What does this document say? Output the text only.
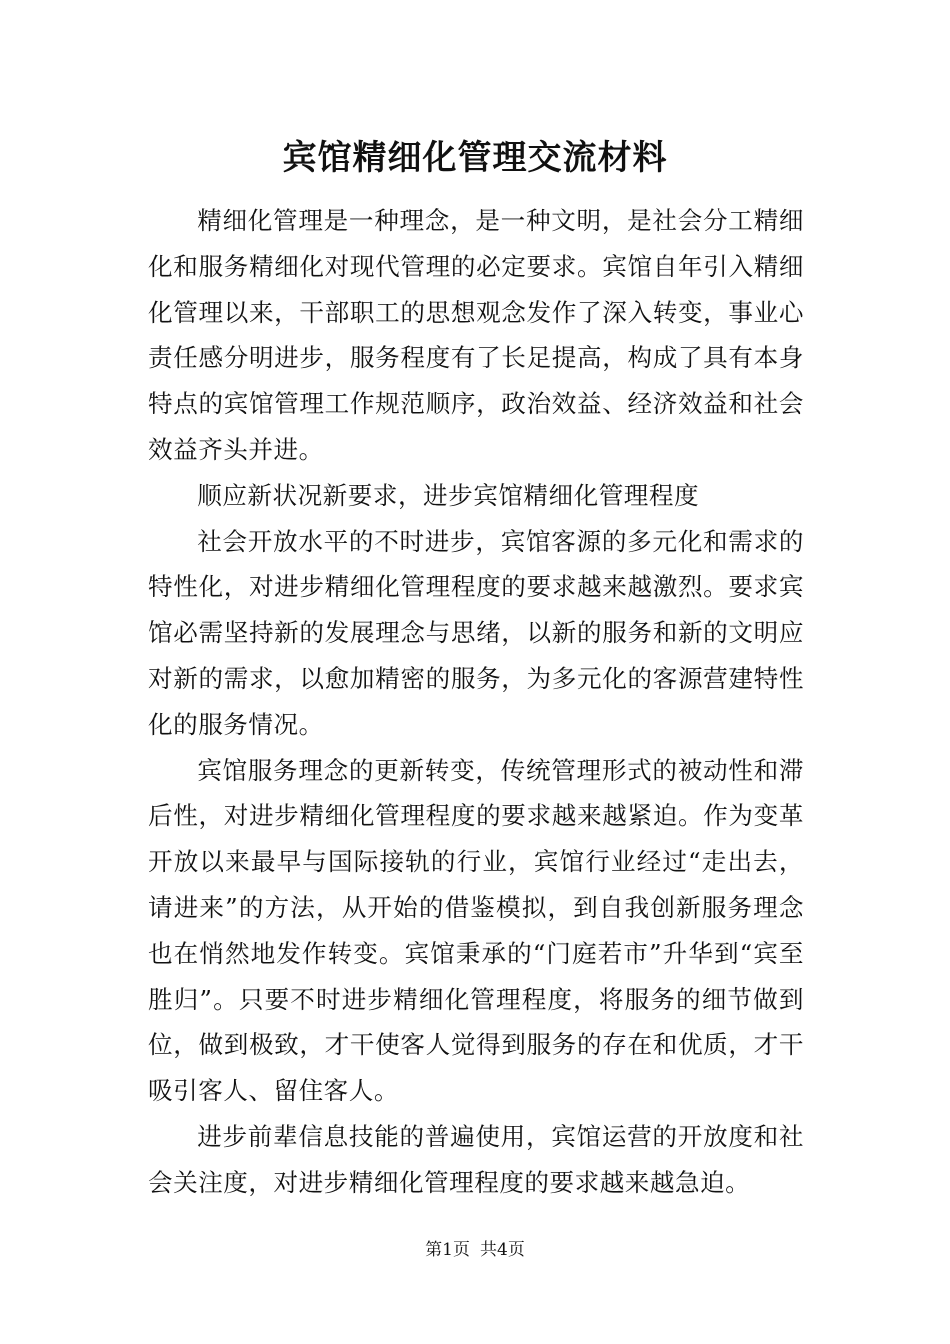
宾馆精细化管理交流材料

精细化管理是一种理念，是一种文明，是社会分工精细化和服务精细化对现代管理的必定要求。宾馆自年引入精细化管理以来，干部职工的思想观念发作了深入转变，事业心责任感分明进步，服务程度有了长足提高，构成了具有本身特点的宾馆管理工作规范顺序，政治效益、经济效益和社会效益齐头并进。

顺应新状况新要求，进步宾馆精细化管理程度

社会开放水平的不时进步，宾馆客源的多元化和需求的特性化，对进步精细化管理程度的要求越来越激烈。要求宾馆必需坚持新的发展理念与思绪，以新的服务和新的文明应对新的需求，以愈加精密的服务，为多元化的客源营建特性化的服务情况。

宾馆服务理念的更新转变，传统管理形式的被动性和滞后性，对进步精细化管理程度的要求越来越紧迫。作为变革开放以来最早与国际接轨的行业，宾馆行业经过“走出去，请进来”的方法，从开始的借鉴模拟，到自我创新服务理念也在悄然地发作转变。宾馆秉承的“门庭若市”升华到“宾至胜归”。只要不时进步精细化管理程度，将服务的细节做到位，做到极致，才干使客人觉得到服务的存在和优质，才干吸引客人、留住客人。

进步前辈信息技能的普遍使用，宾馆运营的开放度和社会关注度，对进步精细化管理程度的要求越来越急迫。

第1页 共4页
